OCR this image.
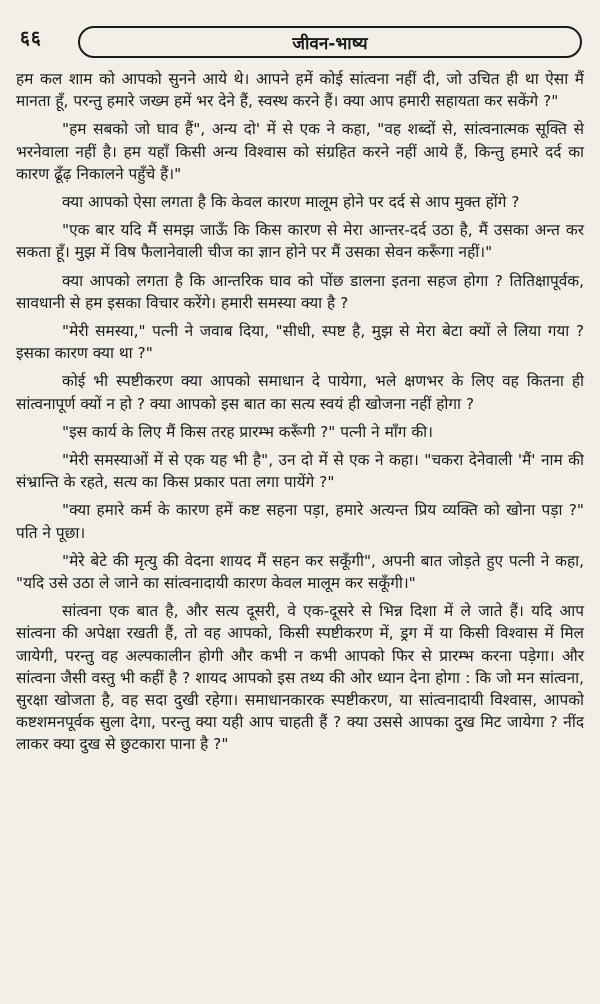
६६	जीवन-भाष्य

हम कल शाम को आपको सुनने आये थे। आपने हमें कोई सांत्वना नहीं दी, जो उचित ही था ऐसा मैं मानता हूँ, परन्तु हमारे जख्म हमें भर देने हैं, स्वस्थ करने हैं। क्या आप हमारी सहायता कर सकेंगे ?"

"हम सबको जो घाव हैं", अन्य दो' में से एक ने कहा, "वह शब्दों से, सांत्वनात्मक सूक्ति से भरनेवाला नहीं है। हम यहाँ किसी अन्य विश्वास को संग्रहित करने नहीं आये हैं, किन्तु हमारे दर्द का कारण ढूँढ़ निकालने पहुँचे हैं।"

क्या आपको ऐसा लगता है कि केवल कारण मालूम होने पर दर्द से आप मुक्त होंगे ?

"एक बार यदि मैं समझ जाऊँ कि किस कारण से मेरा आन्तर-दर्द उठा है, मैं उसका अन्त कर सकता हूँ। मुझ में विष फैलानेवाली चीज का ज्ञान होने पर मैं उसका सेवन करूँगा नहीं।"

क्या आपको लगता है कि आन्तरिक घाव को पोंछ डालना इतना सहज होगा ? तितिक्षापूर्वक, सावधानी से हम इसका विचार करेंगे। हमारी समस्या क्या है ?

"मेरी समस्या," पत्नी ने जवाब दिया, "सीधी, स्पष्ट है, मुझ से मेरा बेटा क्यों ले लिया गया ? इसका कारण क्या था ?"

कोई भी स्पष्टीकरण क्या आपको समाधान दे पायेगा, भले क्षणभर के लिए वह कितना ही सांत्वनापूर्ण क्यों न हो ? क्या आपको इस बात का सत्य स्वयं ही खोजना नहीं होगा ?

"इस कार्य के लिए मैं किस तरह प्रारम्भ करूँगी ?" पत्नी ने माँग की।

"मेरी समस्याओं में से एक यह भी है", उन दो में से एक ने कहा। "चकरा देनेवाली 'मैं' नाम की संभ्रान्ति के रहते, सत्य का किस प्रकार पता लगा पायेंगे ?"

"क्या हमारे कर्म के कारण हमें कष्ट सहना पड़ा, हमारे अत्यन्त प्रिय व्यक्ति को खोना पड़ा ?" पति ने पूछा।

"मेरे बेटे की मृत्यु की वेदना शायद मैं सहन कर सकूँगी", अपनी बात जोड़ते हुए पत्नी ने कहा, "यदि उसे उठा ले जाने का सांत्वनादायी कारण केवल मालूम कर सकूँगी।"

सांत्वना एक बात है, और सत्य दूसरी, वे एक-दूसरे से भिन्न दिशा में ले जाते हैं। यदि आप सांत्वना की अपेक्षा रखती हैं, तो वह आपको, किसी स्पष्टीकरण में, ड्रग में या किसी विश्वास में मिल जायेगी, परन्तु वह अल्पकालीन होगी और कभी न कभी आपको फिर से प्रारम्भ करना पड़ेगा। और सांत्वना जैसी वस्तु भी कहीं है ? शायद आपको इस तथ्य की ओर ध्यान देना होगा : कि जो मन सांत्वना, सुरक्षा खोजता है, वह सदा दुखी रहेगा। समाधानकारक स्पष्टीकरण, या सांत्वनादायी विश्वास, आपको कष्टशमनपूर्वक सुला देगा, परन्तु क्या यही आप चाहती हैं ? क्या उससे आपका दुख मिट जायेगा ? नींद लाकर क्या दुख से छुटकारा पाना है ?"
